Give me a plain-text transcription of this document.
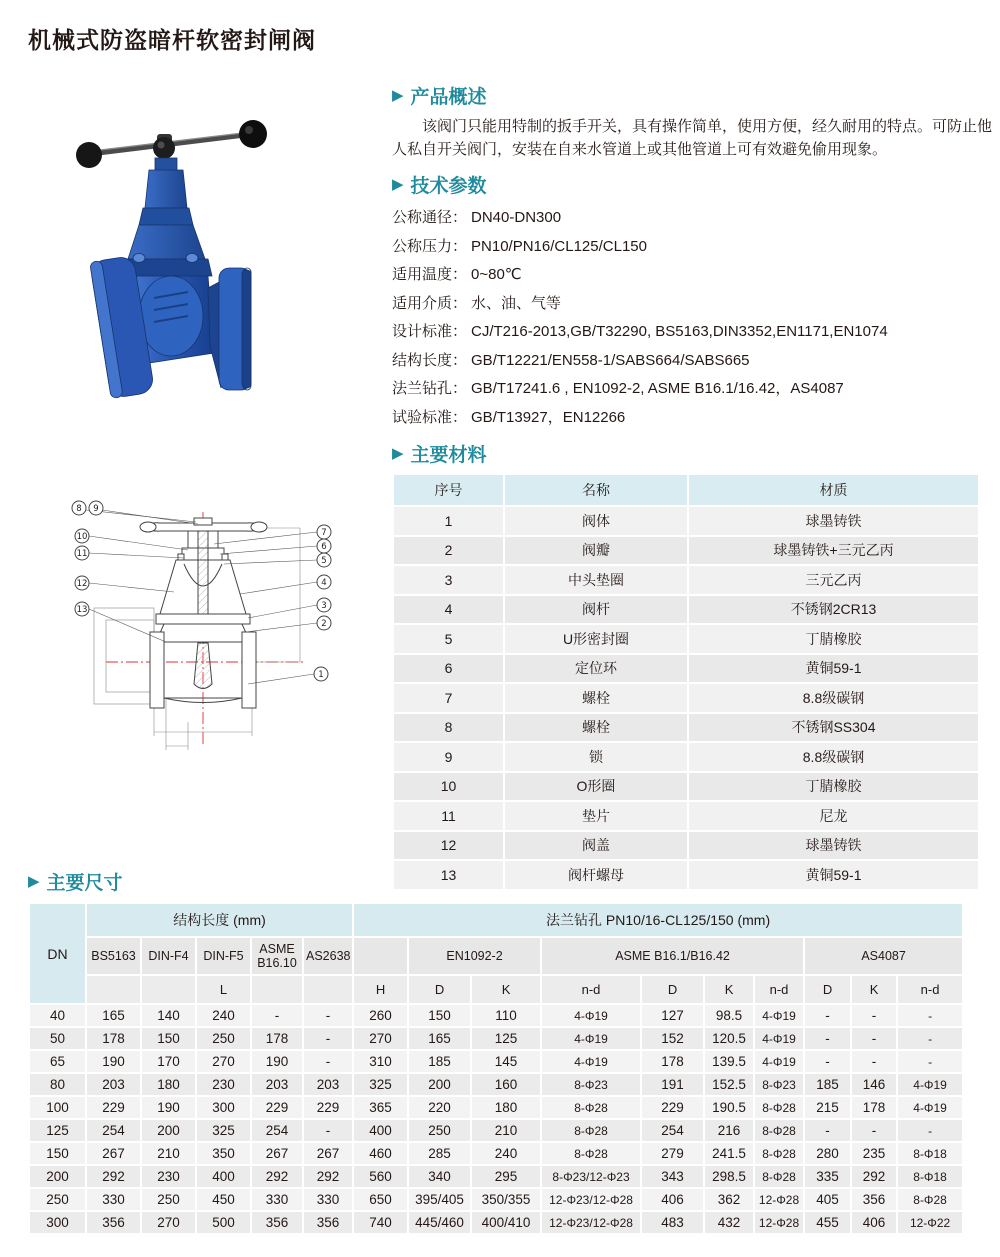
机械式防盗暗杆软密封闸阀
8 9
10
11
12
13
7
6
5
4
3
2
1
▶ 产品概述

该阀门只能用特制的扳手开关，具有操作简单，使用方便，经久耐用的特点。可防止他人私自开关阀门，安装在自来水管道上或其他管道上可有效避免偷用现象。

▶ 技术参数
公称通径： DN40-DN300
公称压力： PN10/PN16/CL125/CL150
适用温度： 0~80℃
适用介质： 水、油、气等
设计标准： CJ/T216-2013,GB/T32290, BS5163,DIN3352,EN1171,EN1074
结构长度： GB/T12221/EN558-1/SABS664/SABS665
法兰钻孔： GB/T17241.6 , EN1092-2, ASME B16.1/16.42，AS4087
试验标准： GB/T13927，EN12266
▶ 主要材料
序号	名称	材质
1	阀体	球墨铸铁
2	阀瓣	球墨铸铁+三元乙丙
3	中头垫圈	三元乙丙
4	阀杆	不锈钢2CR13
5	U形密封圈	丁腈橡胶
6	定位环	黄铜59-1
7	螺栓	8.8级碳钢
8	螺栓	不锈钢SS304
9	锁	8.8级碳钢
10	O形圈	丁腈橡胶
11	垫片	尼龙
12	阀盖	球墨铸铁
13	阀杆螺母	黄铜59-1
▶ 主要尺寸
DN	结构长度 (mm)					法兰钻孔 PN10/16-CL125/150 (mm)									
	BS5163	DIN-F4	DIN-F5	ASME B16.10	AS2638		EN1092-2		ASME B16.1/B16.42				AS4087		
			L			H	D	K	n-d	D	K	n-d	D	K	n-d
40	165	140	240	-	-	260	150	110	4-Φ19	127	98.5	4-Φ19	-	-	-
50	178	150	250	178	-	270	165	125	4-Φ19	152	120.5	4-Φ19	-	-	-
65	190	170	270	190	-	310	185	145	4-Φ19	178	139.5	4-Φ19	-	-	-
80	203	180	230	203	203	325	200	160	8-Φ23	191	152.5	8-Φ23	185	146	4-Φ19
100	229	190	300	229	229	365	220	180	8-Φ28	229	190.5	8-Φ28	215	178	4-Φ19
125	254	200	325	254	-	400	250	210	8-Φ28	254	216	8-Φ28	-	-	-
150	267	210	350	267	267	460	285	240	8-Φ28	279	241.5	8-Φ28	280	235	8-Φ18
200	292	230	400	292	292	560	340	295	8-Φ23/12-Φ23	343	298.5	8-Φ28	335	292	8-Φ18
250	330	250	450	330	330	650	395/405	350/355	12-Φ23/12-Φ28	406	362	12-Φ28	405	356	8-Φ28
300	356	270	500	356	356	740	445/460	400/410	12-Φ23/12-Φ28	483	432	12-Φ28	455	406	12-Φ22
